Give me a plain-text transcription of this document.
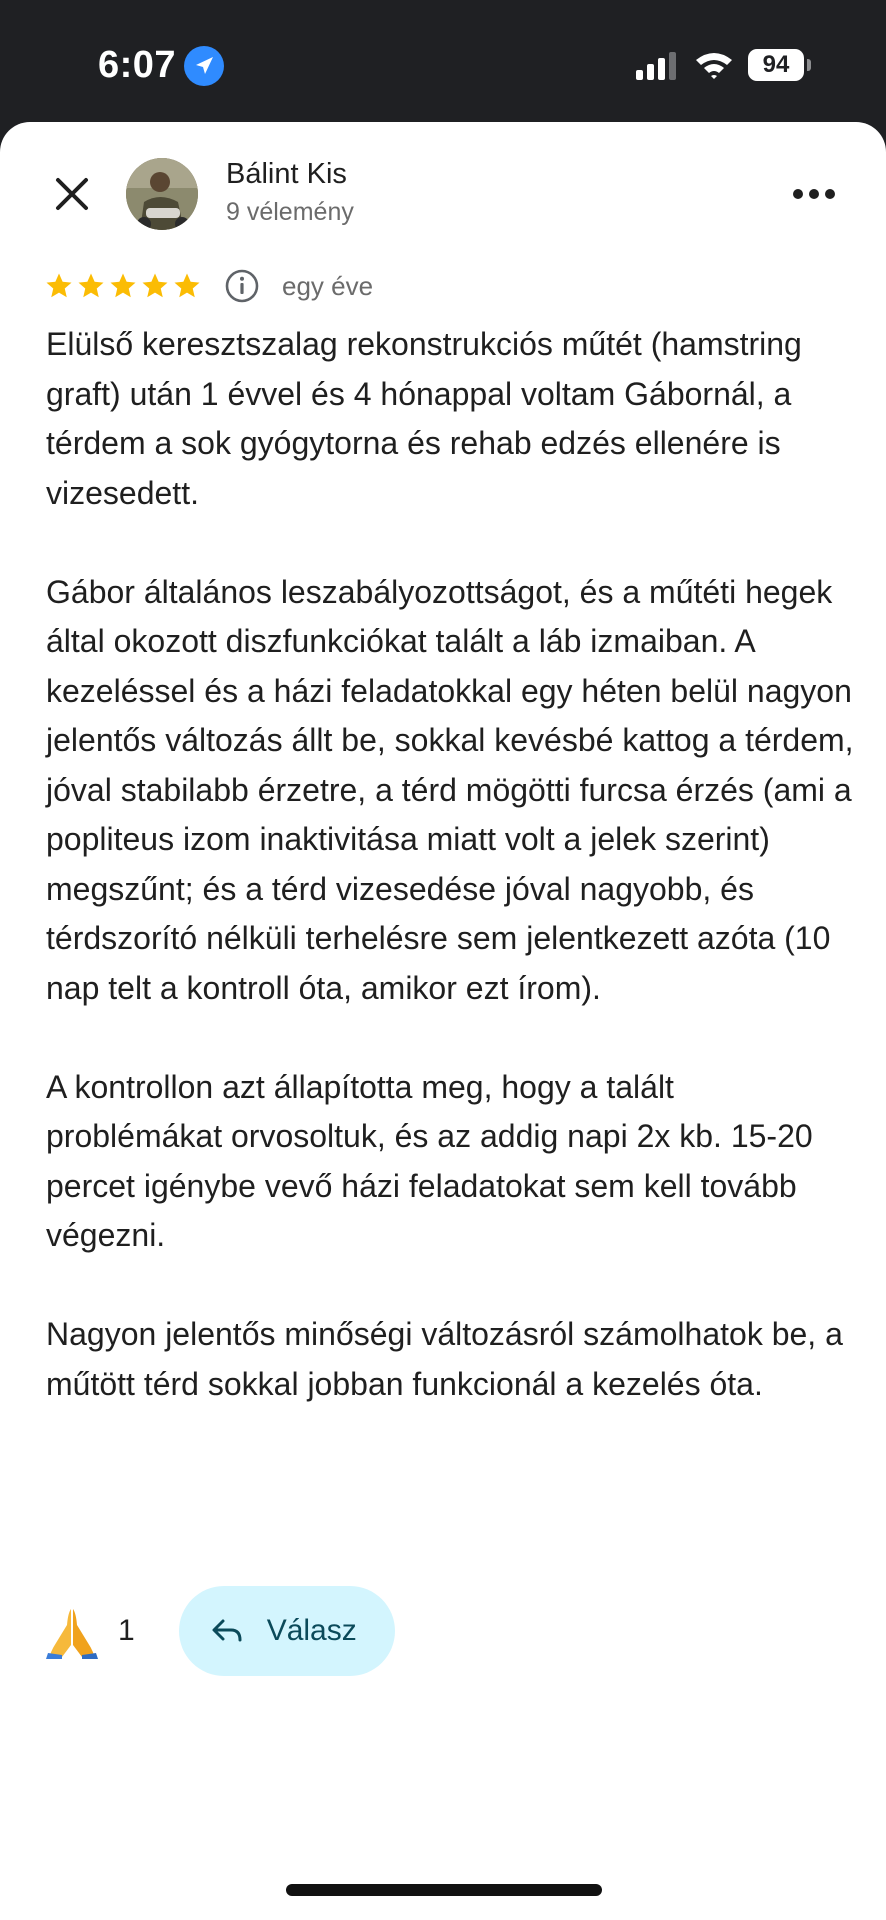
6:07	94
Bálint Kis
9 vélemény
egy éve

Elülső keresztszalag rekonstrukciós műtét (hamstring graft) után 1 évvel és 4 hónappal voltam Gábornál, a térdem a sok gyógytorna és rehab edzés ellenére is vizesedett.

Gábor általános leszabályozottságot, és a műtéti hegek által okozott diszfunkciókat talált a láb izmaiban. A kezeléssel és a házi feladatokkal egy héten belül nagyon jelentős változás állt be, sokkal kevésbé kattog a térdem, jóval stabilabb érzetre, a térd mögötti furcsa érzés (ami a popliteus izom inaktivitása miatt volt a jelek szerint) megszűnt; és a térd vizesedése jóval nagyobb, és térdszorító nélküli terhelésre sem jelentkezett azóta (10 nap telt a kontroll óta, amikor ezt írom).

A kontrollon azt állapította meg, hogy a talált problémákat orvosoltuk, és az addig napi 2x kb. 15-20 percet igénybe vevő házi feladatokat sem kell tovább végezni.

Nagyon jelentős minőségi változásról számolhatok be, a műtött térd sokkal jobban funkcionál a kezelés óta.

1	Válasz
